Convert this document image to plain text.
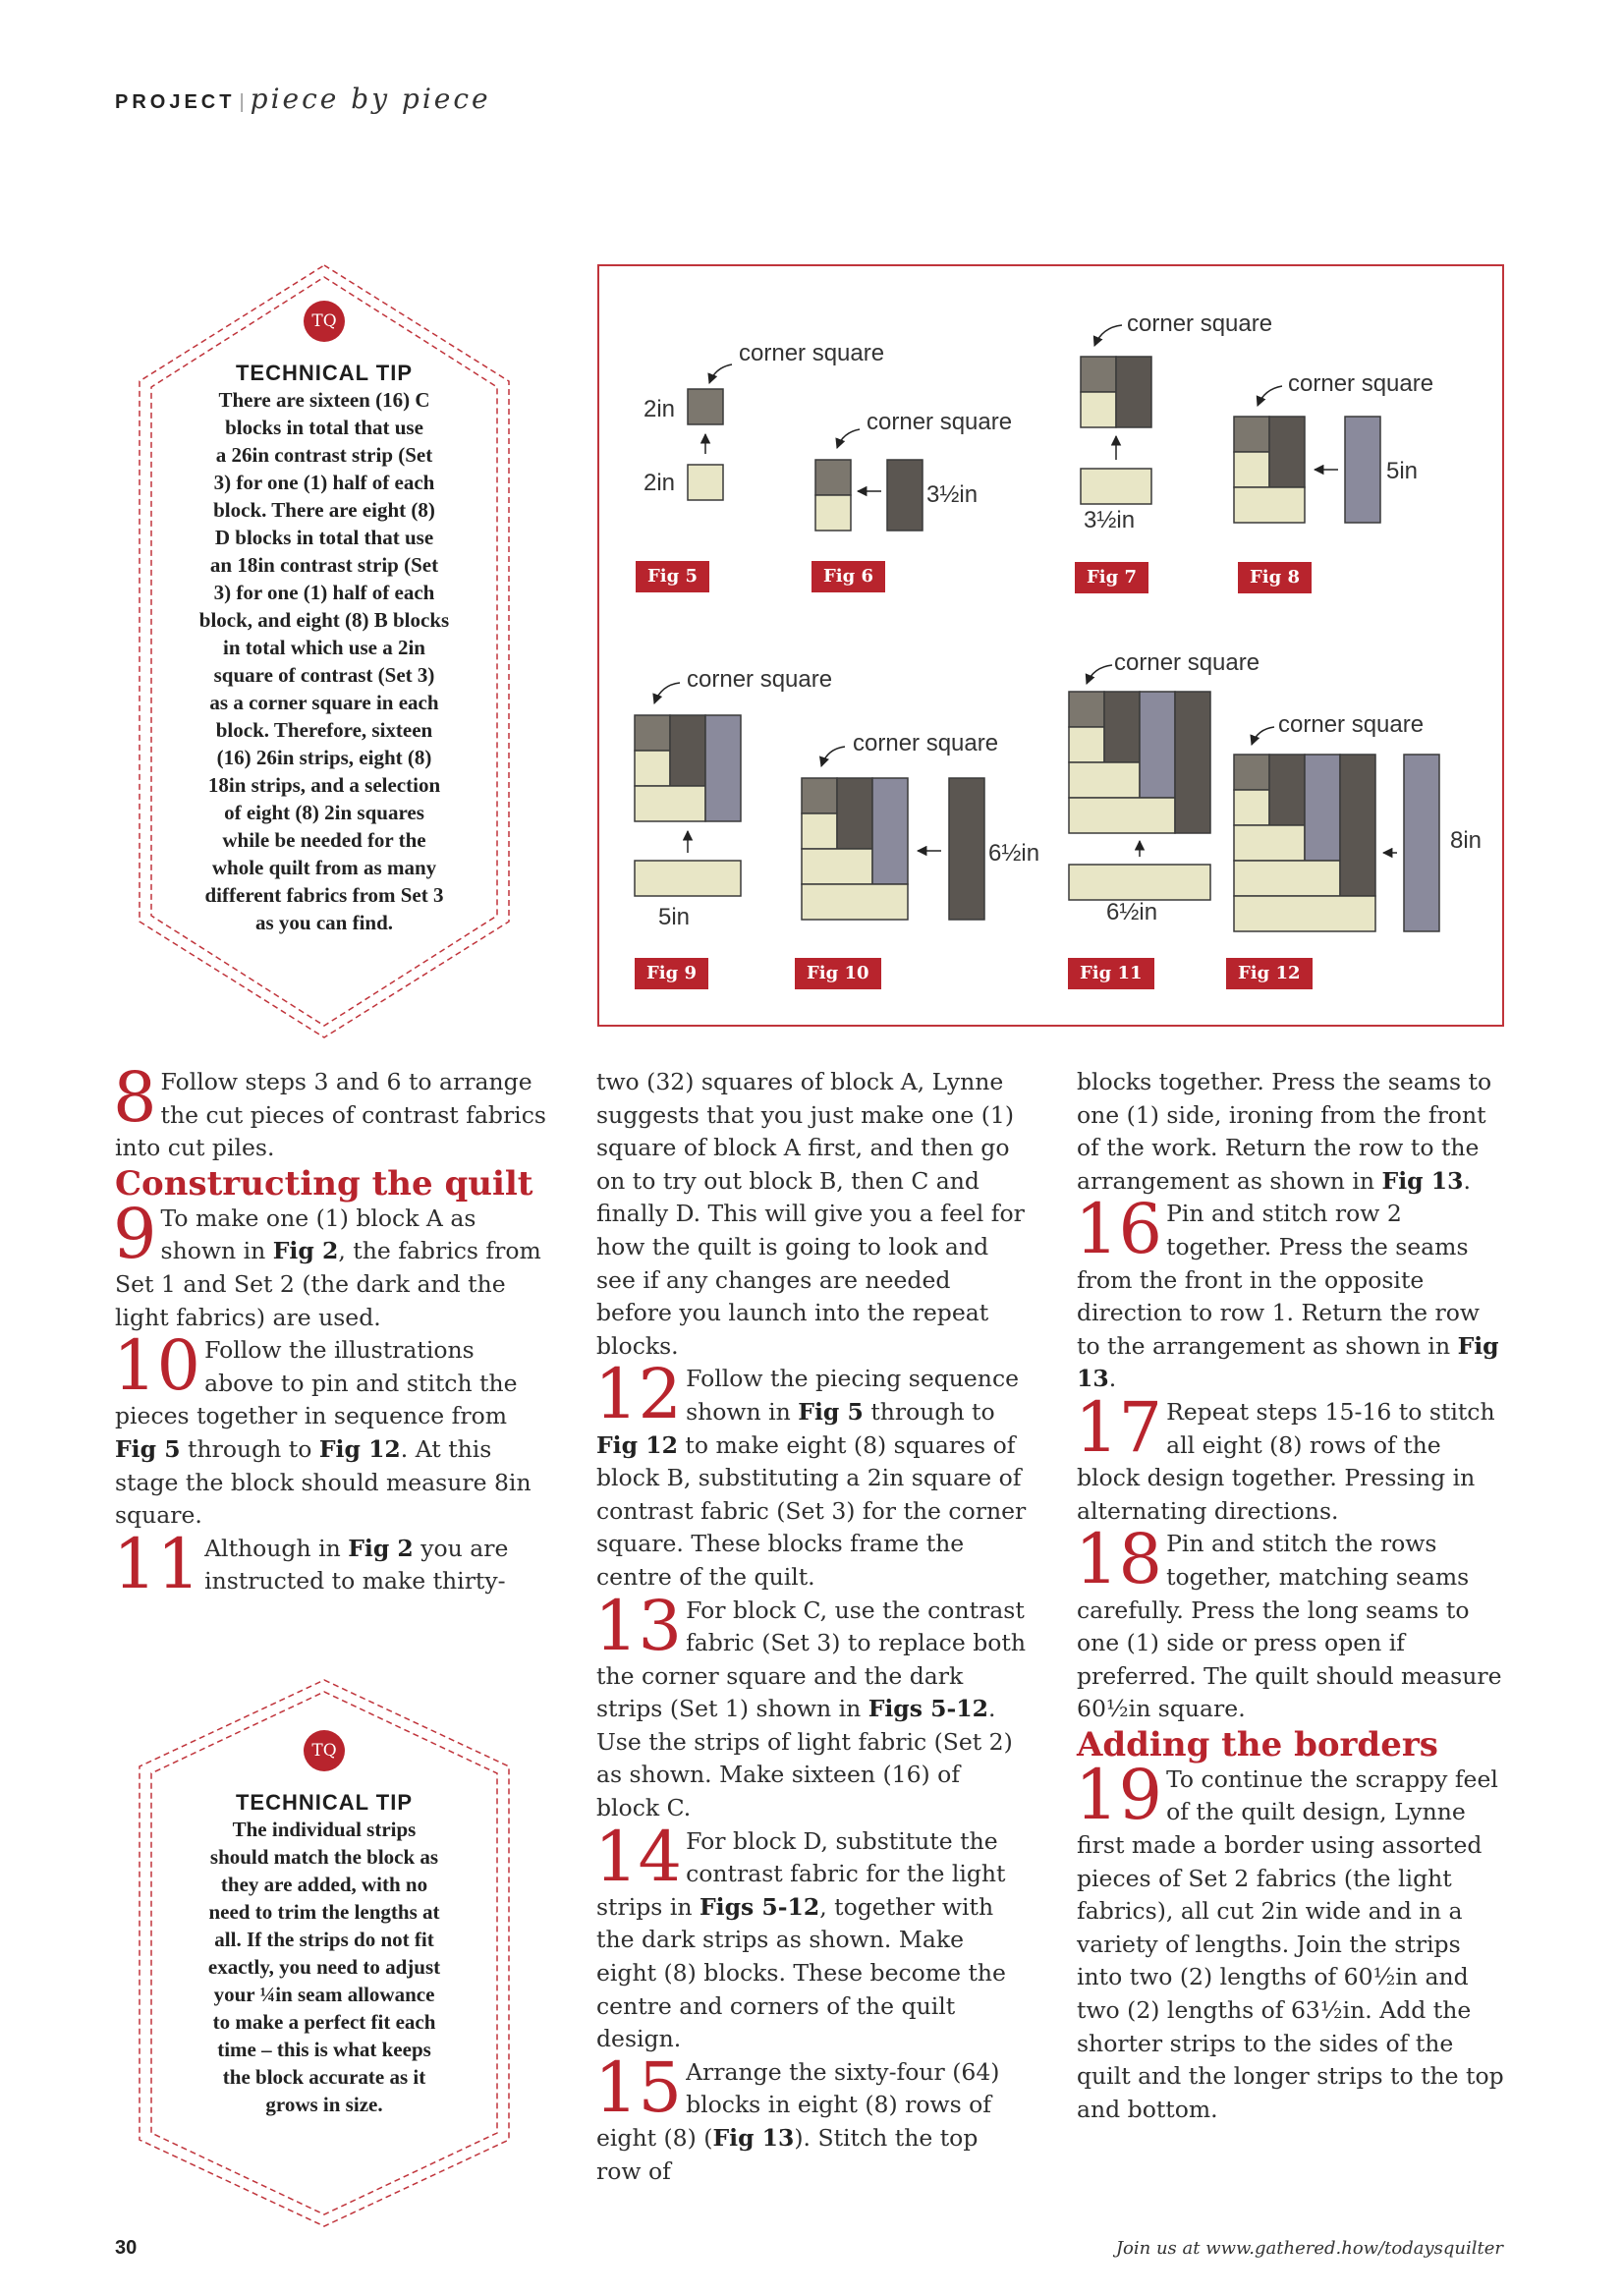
PROJECT | piece by piece
TQ
TECHNICAL TIP
There are sixteen (16) C
blocks in total that use
a 26in contrast strip (Set
3) for one (1) half of each
block. There are eight (8)
D blocks in total that use
an 18in contrast strip (Set
3) for one (1) half of each
block, and eight (8) B blocks
in total which use a 2in
square of contrast (Set 3)
as a corner square in each
block. Therefore, sixteen
(16) 26in strips, eight (8)
18in strips, and a selection
of eight (8) 2in squares
while be needed for the
whole quilt from as many
different fabrics from Set 3
as you can find.
corner square
2in
2in
corner square
3½in
corner square
3½in
corner square
5in
corner square
5in
corner square
6½in
corner square
6½in
corner square
8in
Fig 5	Fig 6	Fig 7	Fig 8
Fig 9	Fig 10	Fig 11	Fig 12

8 Follow steps 3 and 6 to arrange the cut pieces of contrast fabrics into cut piles.

Constructing the quilt

9 To make one (1) block A as shown in Fig 2, the fabrics from Set 1 and Set 2 (the dark and the light fabrics) are used.

10 Follow the illustrations above to pin and stitch the pieces together in sequence from Fig 5 through to Fig 12. At this stage the block should measure 8in square.

11 Although in Fig 2 you are instructed to make thirty-

TQ
TECHNICAL TIP
The individual strips
should match the block as
they are added, with no
need to trim the lengths at
all. If the strips do not fit
exactly, you need to adjust
your ¼in seam allowance
to make a perfect fit each
time – this is what keeps
the block accurate as it
grows in size.

two (32) squares of block A, Lynne suggests that you just make one (1) square of block A first, and then go on to try out block B, then C and finally D. This will give you a feel for how the quilt is going to look and see if any changes are needed before you launch into the repeat blocks.

12 Follow the piecing sequence shown in Fig 5 through to Fig 12 to make eight (8) squares of block B, substituting a 2in square of contrast fabric (Set 3) for the corner square. These blocks frame the centre of the quilt.

13 For block C, use the contrast fabric (Set 3) to replace both the corner square and the dark strips (Set 1) shown in Figs 5-12. Use the strips of light fabric (Set 2) as shown. Make sixteen (16) of block C.

14 For block D, substitute the contrast fabric for the light strips in Figs 5-12, together with the dark strips as shown. Make eight (8) blocks. These become the centre and corners of the quilt design.

15 Arrange the sixty-four (64) blocks in eight (8) rows of eight (8) (Fig 13). Stitch the top row of

blocks together. Press the seams to one (1) side, ironing from the front of the work. Return the row to the arrangement as shown in Fig 13.

16 Pin and stitch row 2 together. Press the seams from the front in the opposite direction to row 1. Return the row to the arrangement as shown in Fig 13.

17 Repeat steps 15-16 to stitch all eight (8) rows of the block design together. Pressing in alternating directions.

18 Pin and stitch the rows together, matching seams carefully. Press the long seams to one (1) side or press open if preferred. The quilt should measure 60½in square.

Adding the borders

19 To continue the scrappy feel of the quilt design, Lynne first made a border using assorted pieces of Set 2 fabrics (the light fabrics), all cut 2in wide and in a variety of lengths. Join the strips into two (2) lengths of 60½in and two (2) lengths of 63½in. Add the shorter strips to the sides of the quilt and the longer strips to the top and bottom.

30	Join us at www.gathered.how/todaysquilter
